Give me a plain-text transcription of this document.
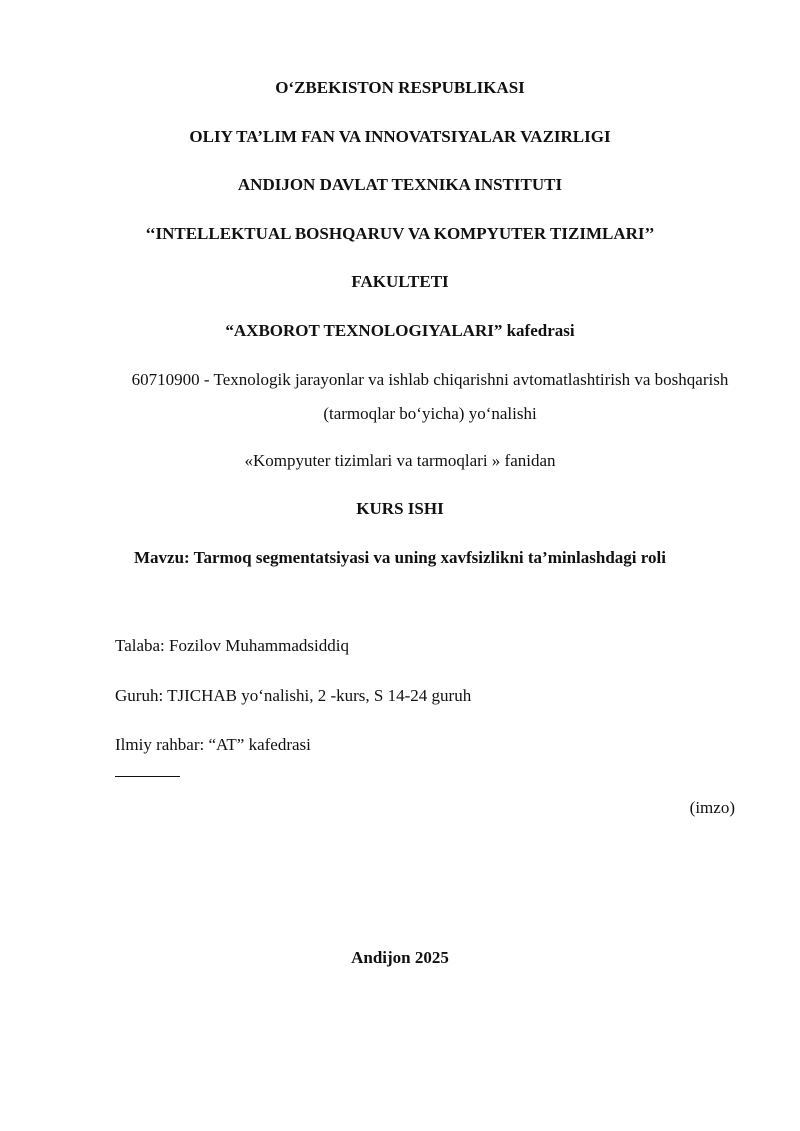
O‘ZBEKISTON RESPUBLIKASI
OLIY TA’LIM FAN VA INNOVATSIYALAR VAZIRLIGI
ANDIJON DAVLAT TEXNIKA INSTITUTI
‘‘INTELLEKTUAL BOSHQARUV VA KOMPYUTER TIZIMLARI’’
FAKULTETI
“AXBOROT TEXNOLOGIYALARI” kafedrasi
60710900 - Texnologik jarayonlar va ishlab chiqarishni avtomatlashtirish va boshqarish (tarmoqlar bo‘yicha) yo‘nalishi
«Kompyuter tizimlari va tarmoqlari » fanidan
KURS ISHI
Mavzu: Tarmoq segmentatsiyasi va uning xavfsizlikni ta’minlashdagi roli
Talaba: Fozilov Muhammadsiddiq
Guruh: TJICHAB yo‘nalishi, 2 -kurs, S 14-24 guruh
Ilmiy rahbar: “AT” kafedrasi
(imzo)
Andijon 2025
